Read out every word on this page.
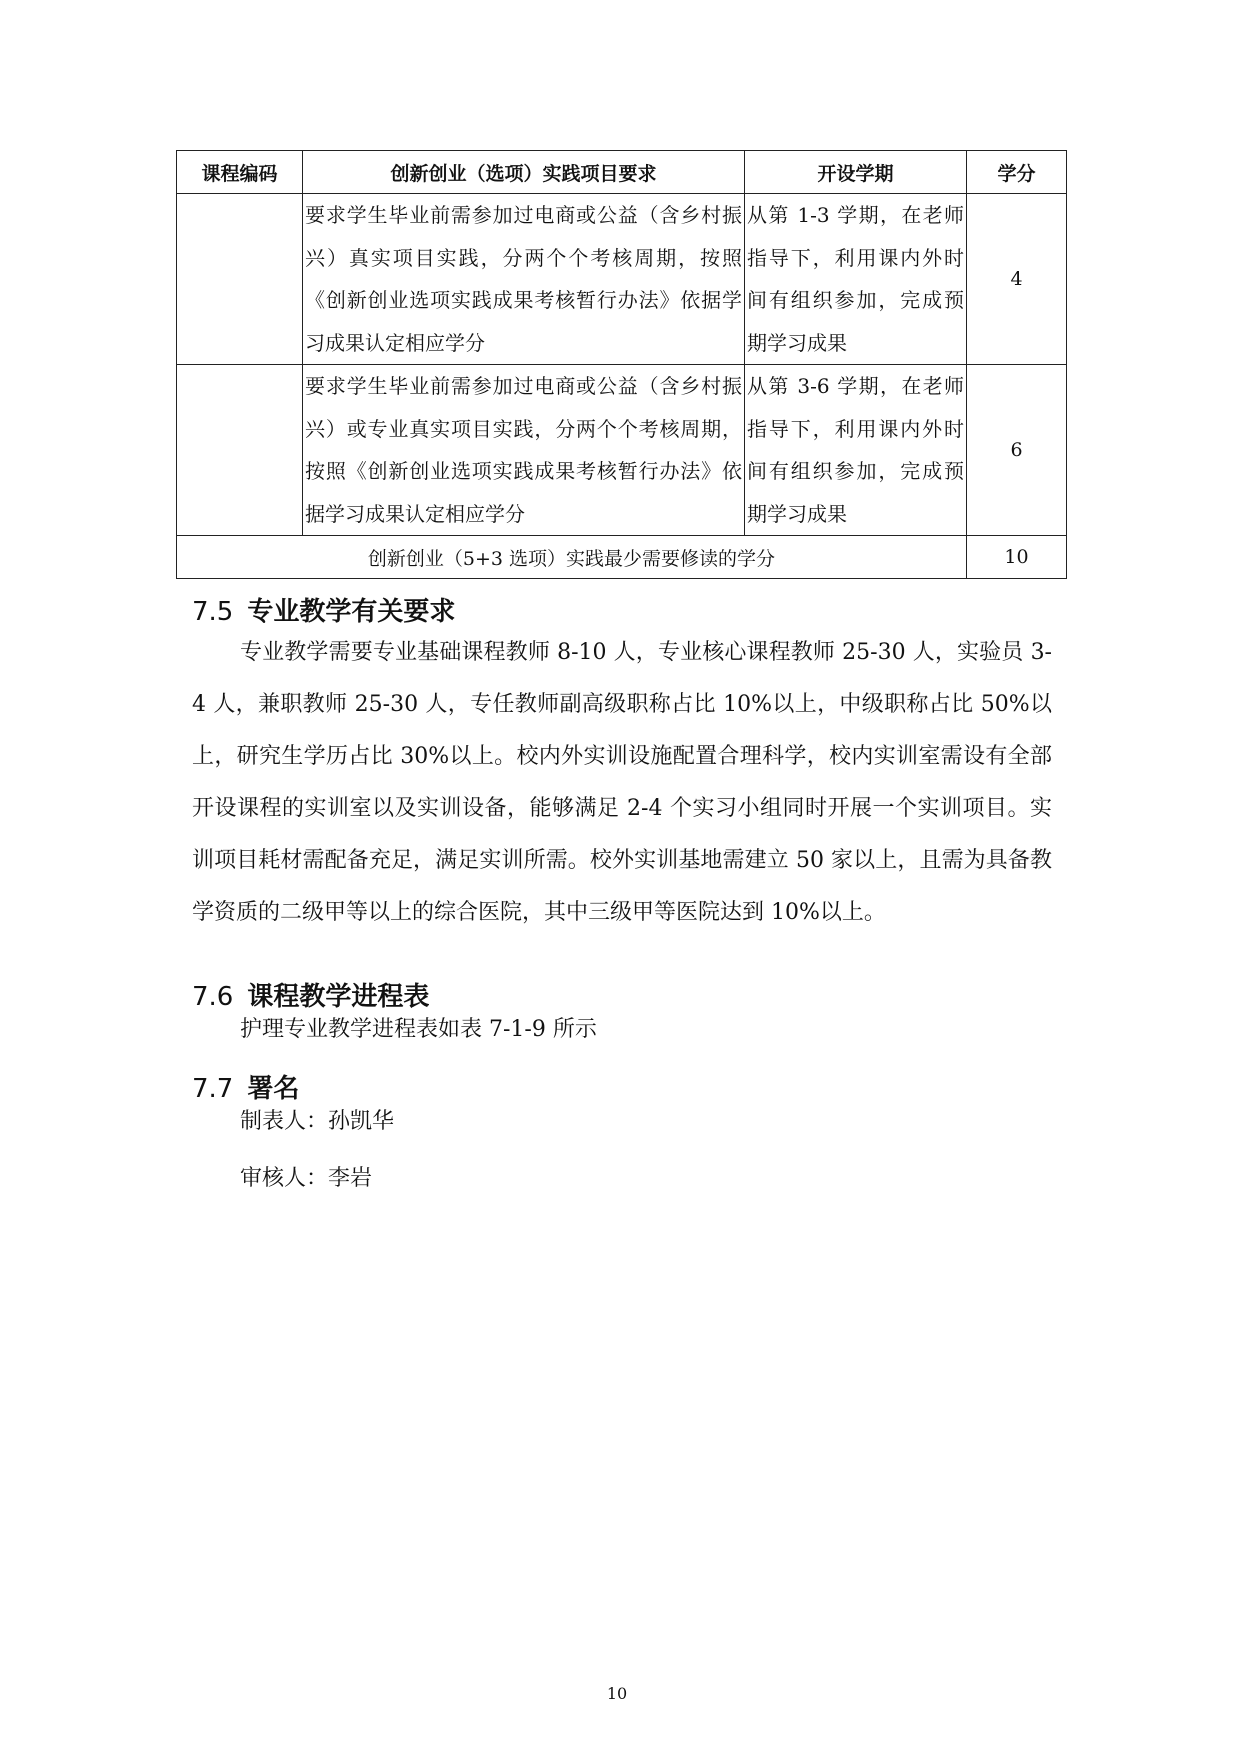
课程编码	创新创业（选项）实践项目要求	开设学期	学分

	要求学生毕业前需参加过电商或公益（含乡村振兴）真实项目实践，分两个个考核周期，按照《创新创业选项实践成果考核暂行办法》依据学习成果认定相应学分	从第 1-3 学期，在老师指导下，利用课内外时间有组织参加，完成预期学习成果	4

	要求学生毕业前需参加过电商或公益（含乡村振兴）或专业真实项目实践，分两个个考核周期，按照《创新创业选项实践成果考核暂行办法》依据学习成果认定相应学分	从第 3-6 学期，在老师指导下，利用课内外时间有组织参加，完成预期学习成果	6
创新创业（5+3 选项）实践最少需要修读的学分			10
7.5 专业教学有关要求

专业教学需要专业基础课程教师 8-10 人，专业核心课程教师 25-30 人，实验员 3-4 人，兼职教师 25-30 人，专任教师副高级职称占比 10%以上，中级职称占比 50%以上，研究生学历占比 30%以上。校内外实训设施配置合理科学，校内实训室需设有全部开设课程的实训室以及实训设备，能够满足 2-4 个实习小组同时开展一个实训项目。实训项目耗材需配备充足，满足实训所需。校外实训基地需建立 50 家以上，且需为具备教学资质的二级甲等以上的综合医院，其中三级甲等医院达到 10%以上。

7.6 课程教学进程表

护理专业教学进程表如表 7-1-9 所示

7.7 署名

制表人：孙凯华

审核人：李岩

10
